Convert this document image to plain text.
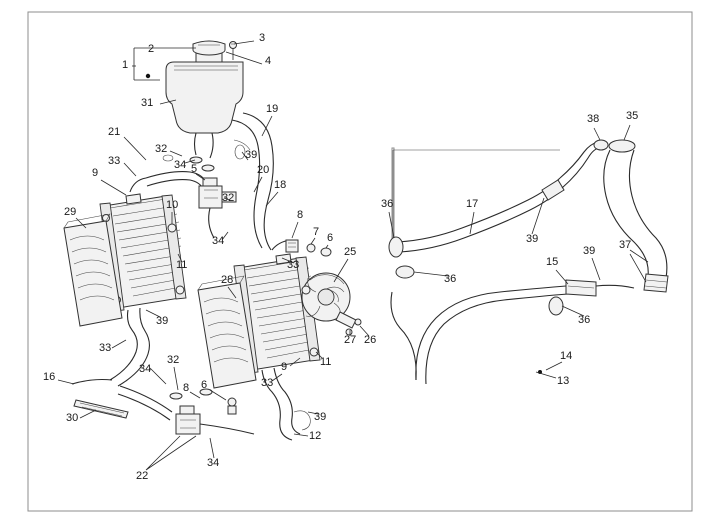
1
2
3
4
5
6
7
8
9
10
11
12
13
14
15
16
17
18
19
20
21
22
25
26
27
28
29
30
31
32
32
32
33
33
33
33
34
34
34
34
35
36
36
36
37
38
39
39
39
39
39
6
8
9	11
